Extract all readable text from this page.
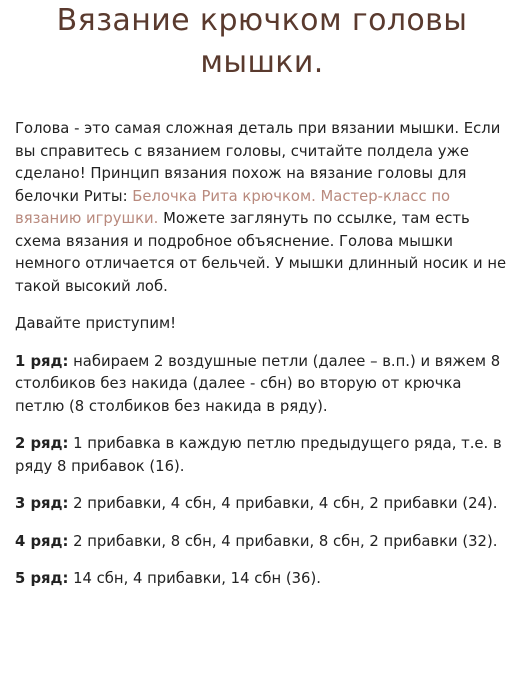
Вязание крючком головы мышки.

Голова - это самая сложная деталь при вязании мышки. Если вы справитесь с вязанием головы, считайте полдела уже сделано! Принцип вязания похож на вязание головы для белочки Риты: Белочка Рита крючком. Мастер-класс по вязанию игрушки. Можете заглянуть по ссылке, там есть схема вязания и подробное объяснение. Голова мышки немного отличается от бельчей. У мышки длинный носик и не такой высокий лоб.

Давайте приступим!

1 ряд: набираем 2 воздушные петли (далее – в.п.) и вяжем 8 столбиков без накида (далее - сбн) во вторую от крючка петлю (8 столбиков без накида в ряду).

2 ряд: 1 прибавка в каждую петлю предыдущего ряда, т.е. в ряду 8 прибавок (16).

3 ряд: 2 прибавки, 4 сбн, 4 прибавки, 4 сбн, 2 прибавки (24).

4 ряд: 2 прибавки, 8 сбн, 4 прибавки, 8 сбн, 2 прибавки (32).

5 ряд: 14 сбн, 4 прибавки, 14 сбн (36).
